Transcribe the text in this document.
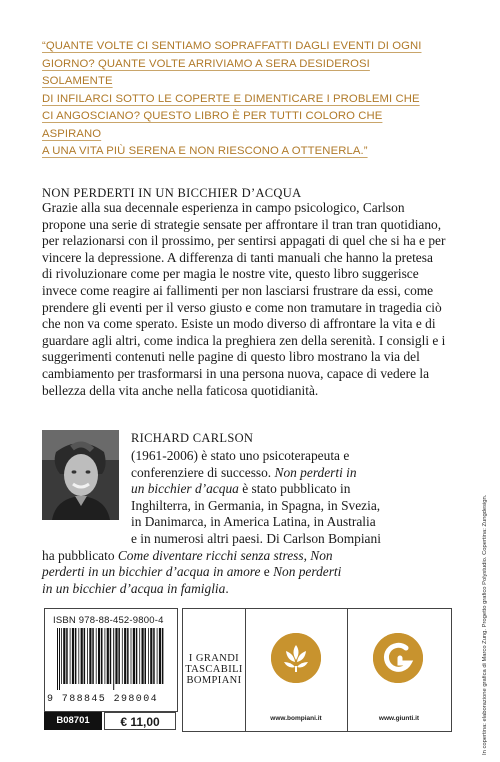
“QUANTE VOLTE CI SENTIAMO SOPRAFFATTI DAGLI EVENTI DI OGNI
GIORNO? QUANTE VOLTE ARRIVIAMO A SERA DESIDEROSI SOLAMENTE
DI INFILARCI SOTTO LE COPERTE E DIMENTICARE I PROBLEMI CHE
CI ANGOSCIANO? QUESTO LIBRO È PER TUTTI COLORO CHE ASPIRANO
A UNA VITA PIÙ SERENA E NON RIESCONO A OTTENERLA.”
NON PERDERTI IN UN BICCHIER D’ACQUA
Grazie alla sua decennale esperienza in campo psicologico, Carlson propone una serie di strategie sensate per affrontare il tran tran quotidiano, per relazionarsi con il prossimo, per sentirsi appagati di quel che si ha e per vincere la depressione. A differenza di tanti manuali che hanno la pretesa di rivoluzionare come per magia le nostre vite, questo libro suggerisce invece come reagire ai fallimenti per non lasciarsi frustrare da essi, come prendere gli eventi per il verso giusto e come non tramutare in tragedia ciò che non va come sperato. Esiste un modo diverso di affrontare la vita e di guardare agli altri, come indica la preghiera zen della serenità. I consigli e i suggerimenti contenuti nelle pagine di questo libro mostrano la via del cambiamento per trasformarsi in una persona nuova, capace di vedere la bellezza della vita anche nella faticosa quotidianità.
RICHARD CARLSON
(1961-2006) è stato uno psicoterapeuta e
conferenziere di successo. Non perderti in
un bicchier d’acqua è stato pubblicato in
Inghilterra, in Germania, in Spagna, in Svezia,
in Danimarca, in America Latina, in Australia
e in numerosi altri paesi. Di Carlson Bompiani
ha pubblicato Come diventare ricchi senza stress, Non
perderti in un bicchier d’acqua in amore e Non perderti
in un bicchier d’acqua in famiglia.	In copertina: elaborazione grafica di Marco Zung. Progetto grafico Polystudio. Copertina: Zungdesign.
ISBN 978-88-452-9800-4
9 788845 298004
B08701	€ 11,00
I GRANDI
TASCABILI
BOMPIANI
www.bompiani.it	www.giunti.it
